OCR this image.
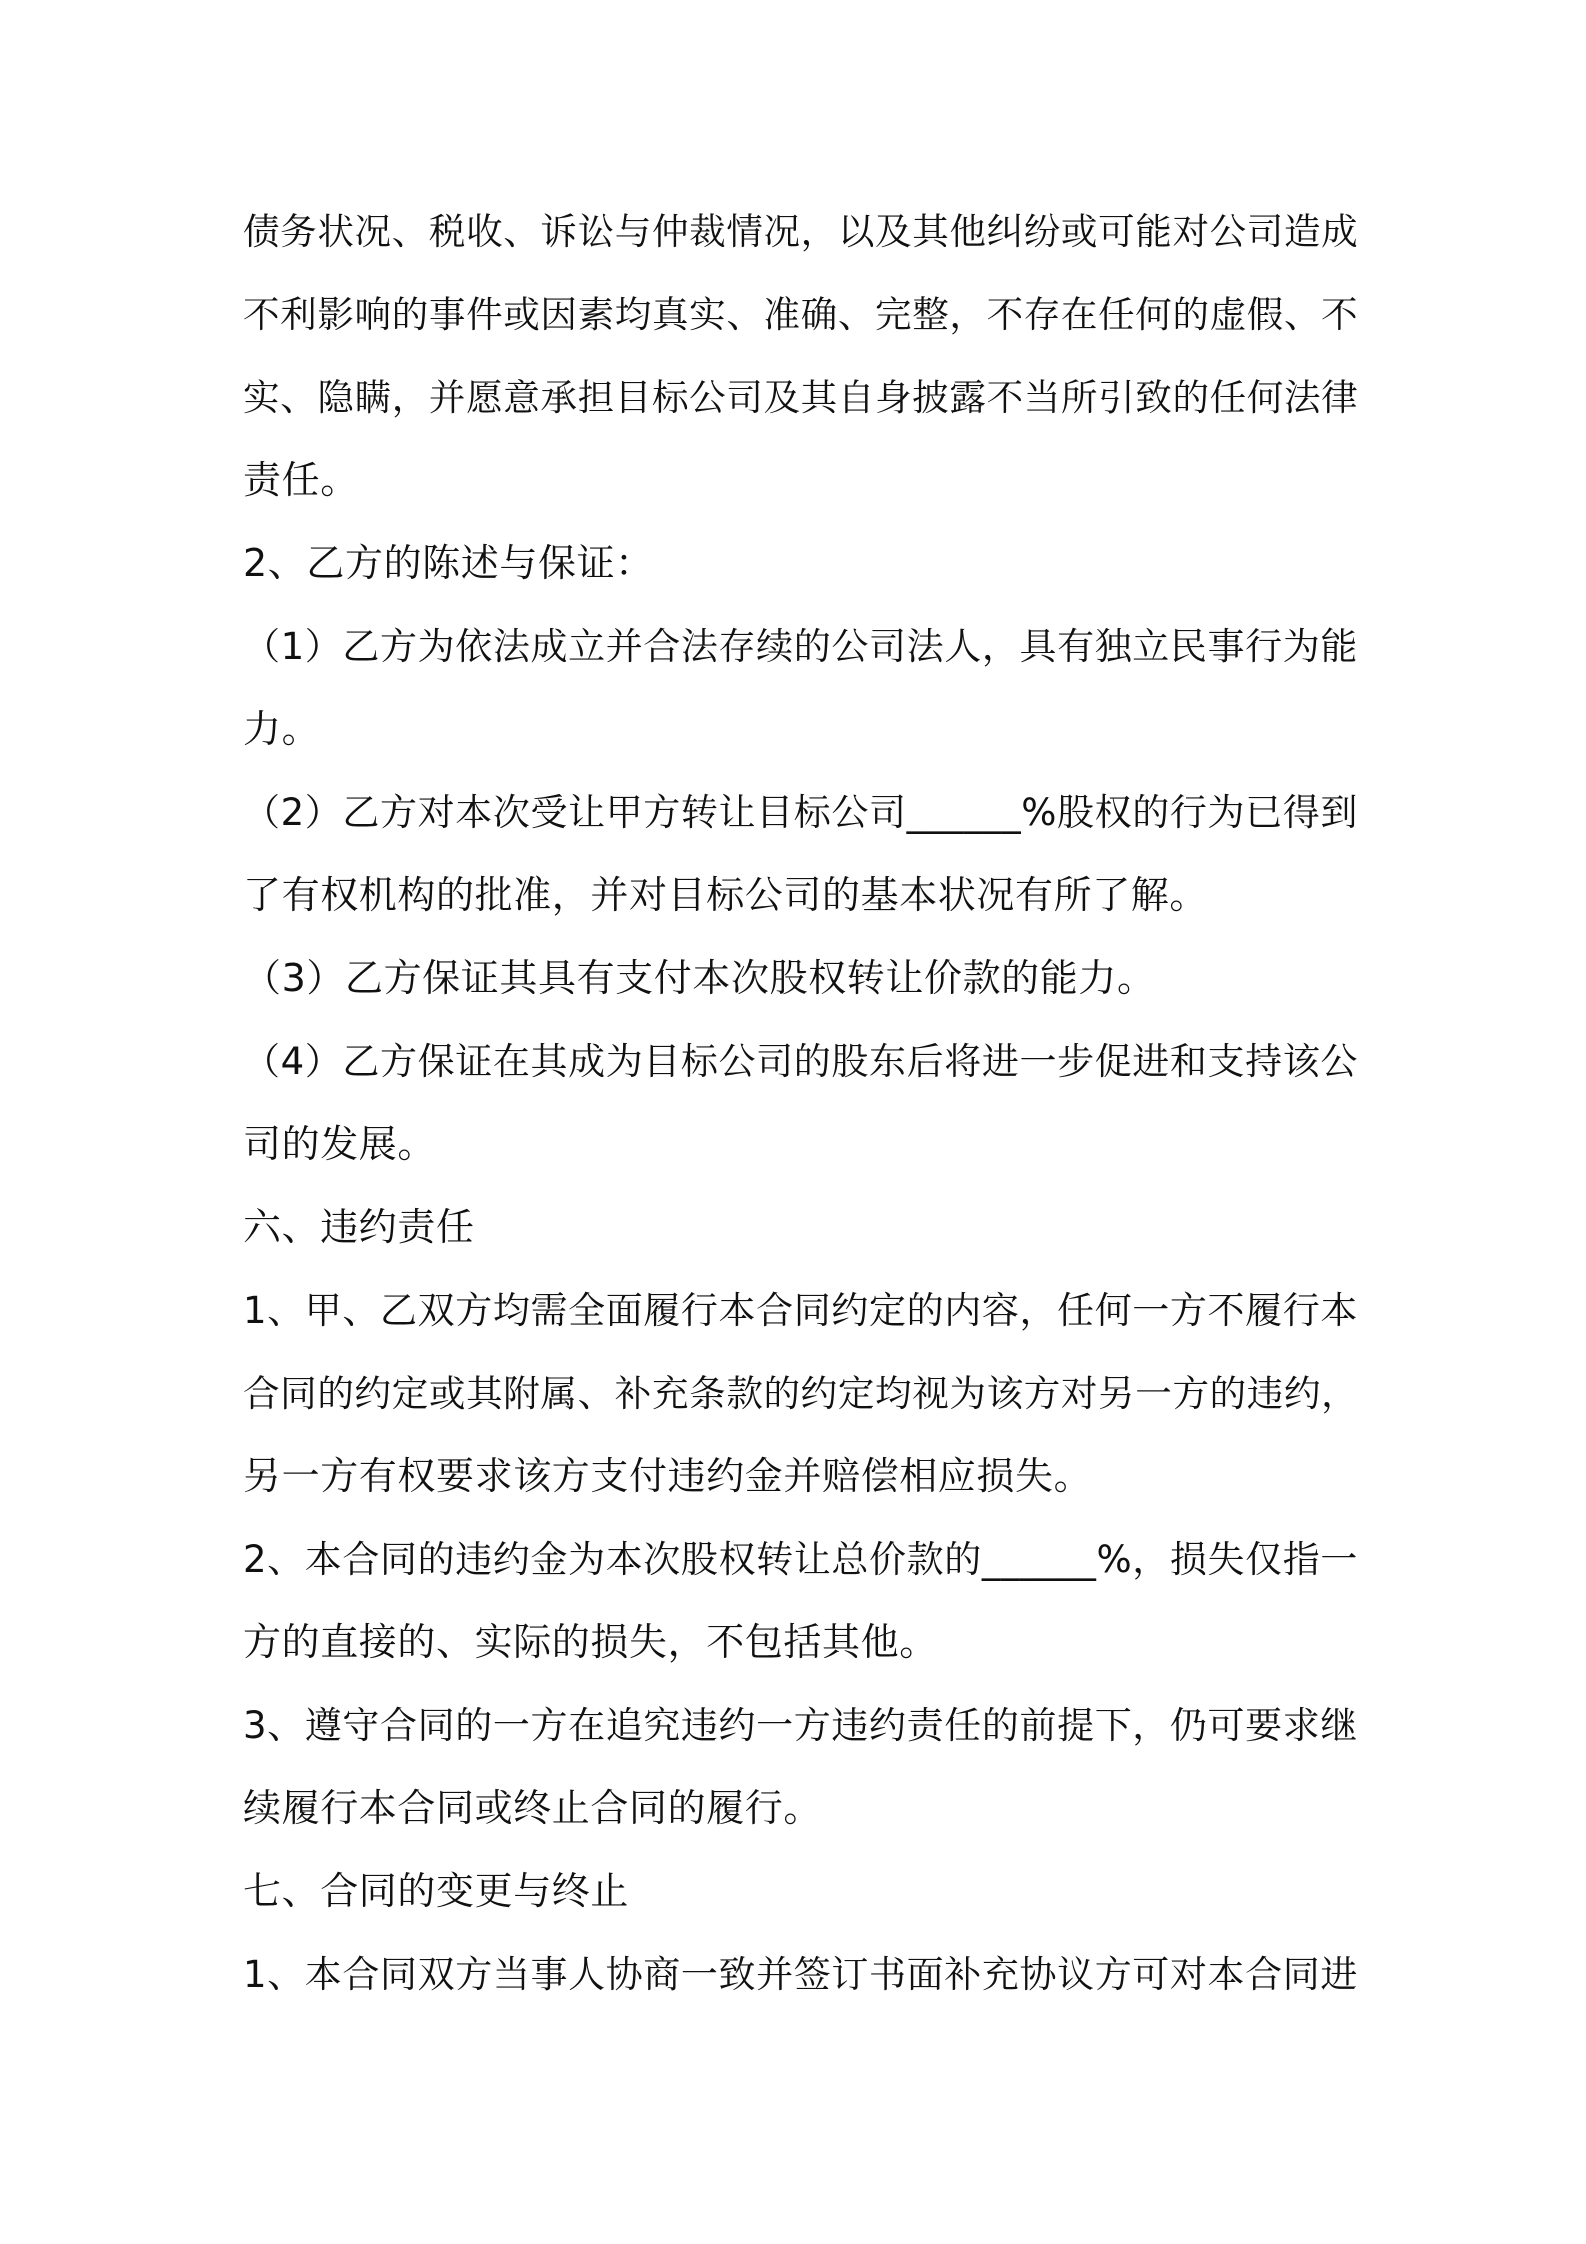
债务状况、税收、诉讼与仲裁情况，以及其他纠纷或可能对公司造成
不利影响的事件或因素均真实、准确、完整，不存在任何的虚假、不
实、隐瞒，并愿意承担目标公司及其自身披露不当所引致的任何法律
责任。
2、乙方的陈述与保证：
（1）乙方为依法成立并合法存续的公司法人，具有独立民事行为能
力。
（2）乙方对本次受让甲方转让目标公司______%股权的行为已得到
了有权机构的批准，并对目标公司的基本状况有所了解。
（3）乙方保证其具有支付本次股权转让价款的能力。
（4）乙方保证在其成为目标公司的股东后将进一步促进和支持该公
司的发展。
六、违约责任
1、甲、乙双方均需全面履行本合同约定的内容，任何一方不履行本
合同的约定或其附属、补充条款的约定均视为该方对另一方的违约，
另一方有权要求该方支付违约金并赔偿相应损失。
2、本合同的违约金为本次股权转让总价款的______%，损失仅指一
方的直接的、实际的损失，不包括其他。
3、遵守合同的一方在追究违约一方违约责任的前提下，仍可要求继
续履行本合同或终止合同的履行。
七、合同的变更与终止
1、本合同双方当事人协商一致并签订书面补充协议方可对本合同进
